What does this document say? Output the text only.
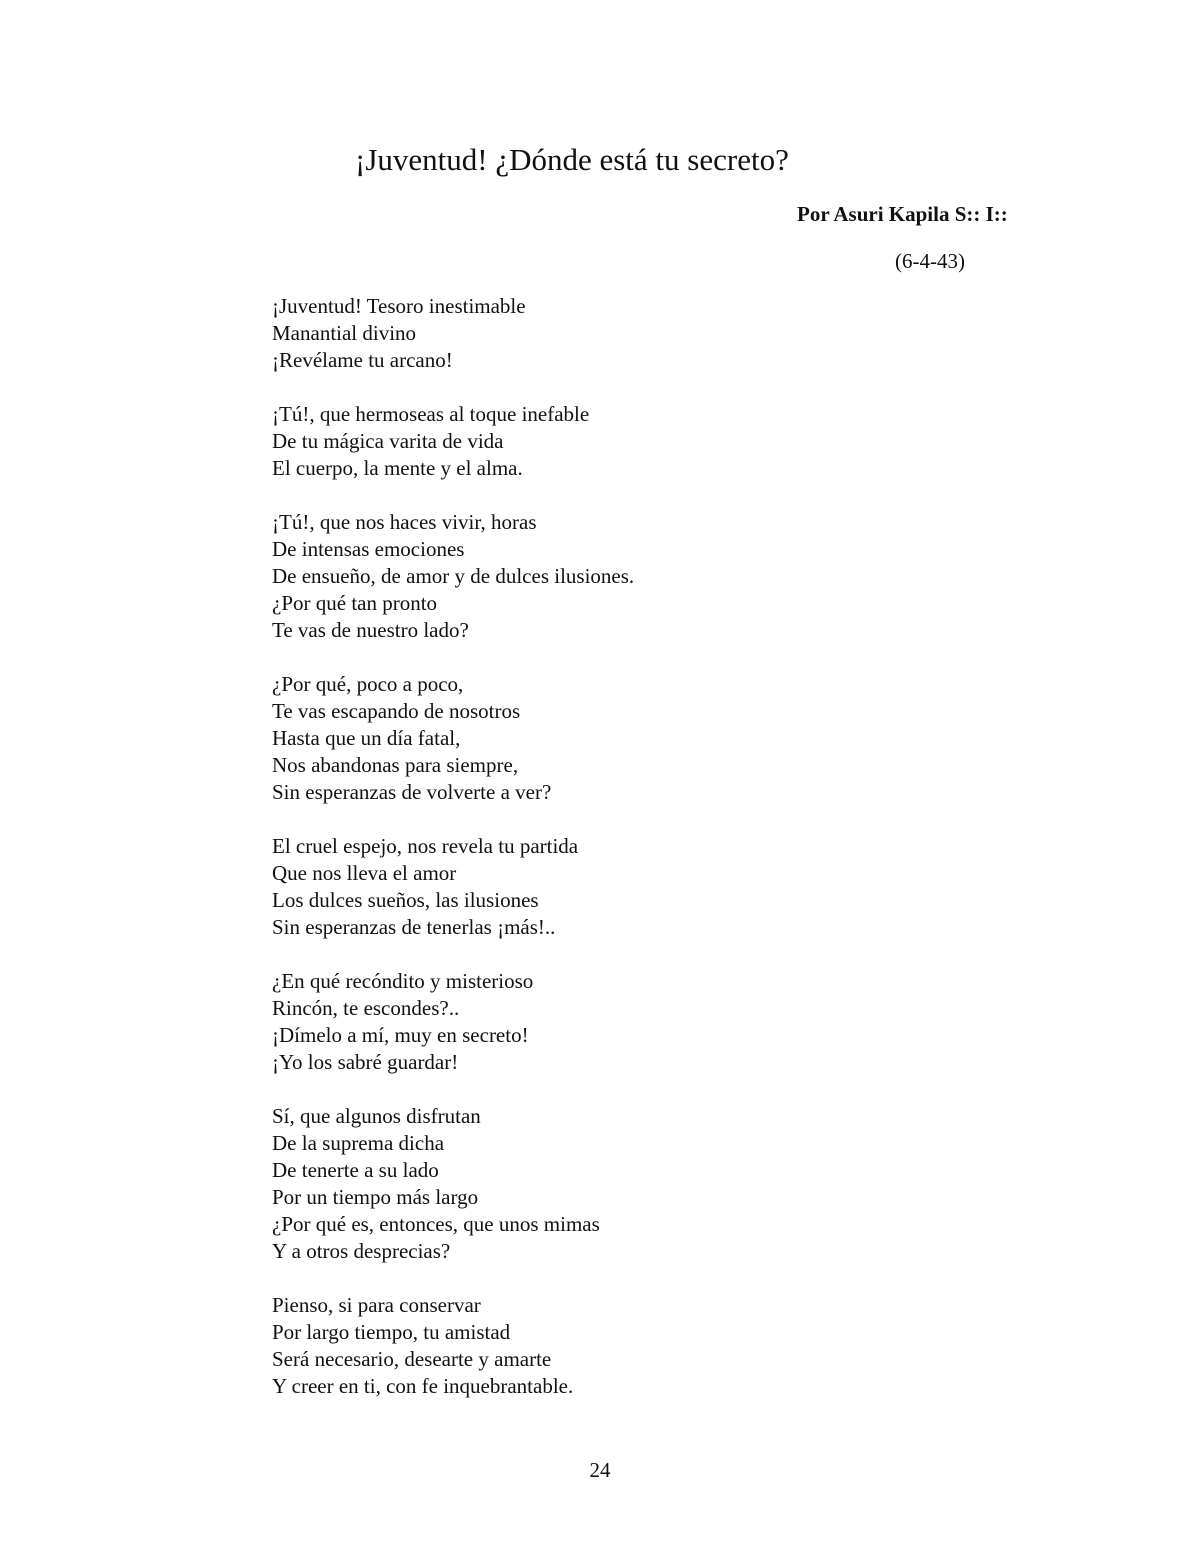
¡Juventud! ¿Dónde está tu secreto?
Por Asuri Kapila S:: I::
(6-4-43)
¡Juventud! Tesoro inestimable
Manantial divino
¡Revélame tu arcano!
¡Tú!, que hermoseas al toque inefable
De tu mágica varita de vida
El cuerpo, la mente y el alma.
¡Tú!, que nos haces vivir, horas
De intensas emociones
De ensueño, de amor y de dulces ilusiones.
¿Por qué tan pronto
Te vas de nuestro lado?
¿Por qué, poco a poco,
Te vas escapando de nosotros
Hasta que un día fatal,
Nos abandonas para siempre,
Sin esperanzas de volverte a ver?
El cruel espejo, nos revela tu partida
Que nos lleva el amor
Los dulces sueños, las ilusiones
Sin esperanzas de tenerlas ¡más!..
¿En qué recóndito y misterioso
Rincón, te escondes?..
¡Dímelo a mí, muy en secreto!
¡Yo los sabré guardar!
Sí, que algunos disfrutan
De la suprema dicha
De tenerte a su lado
Por un tiempo más largo
¿Por qué es, entonces, que unos mimas
Y a otros desprecias?
Pienso, si para conservar
Por largo tiempo, tu amistad
Será necesario, desearte y amarte
Y creer en ti, con fe inquebrantable.
24
